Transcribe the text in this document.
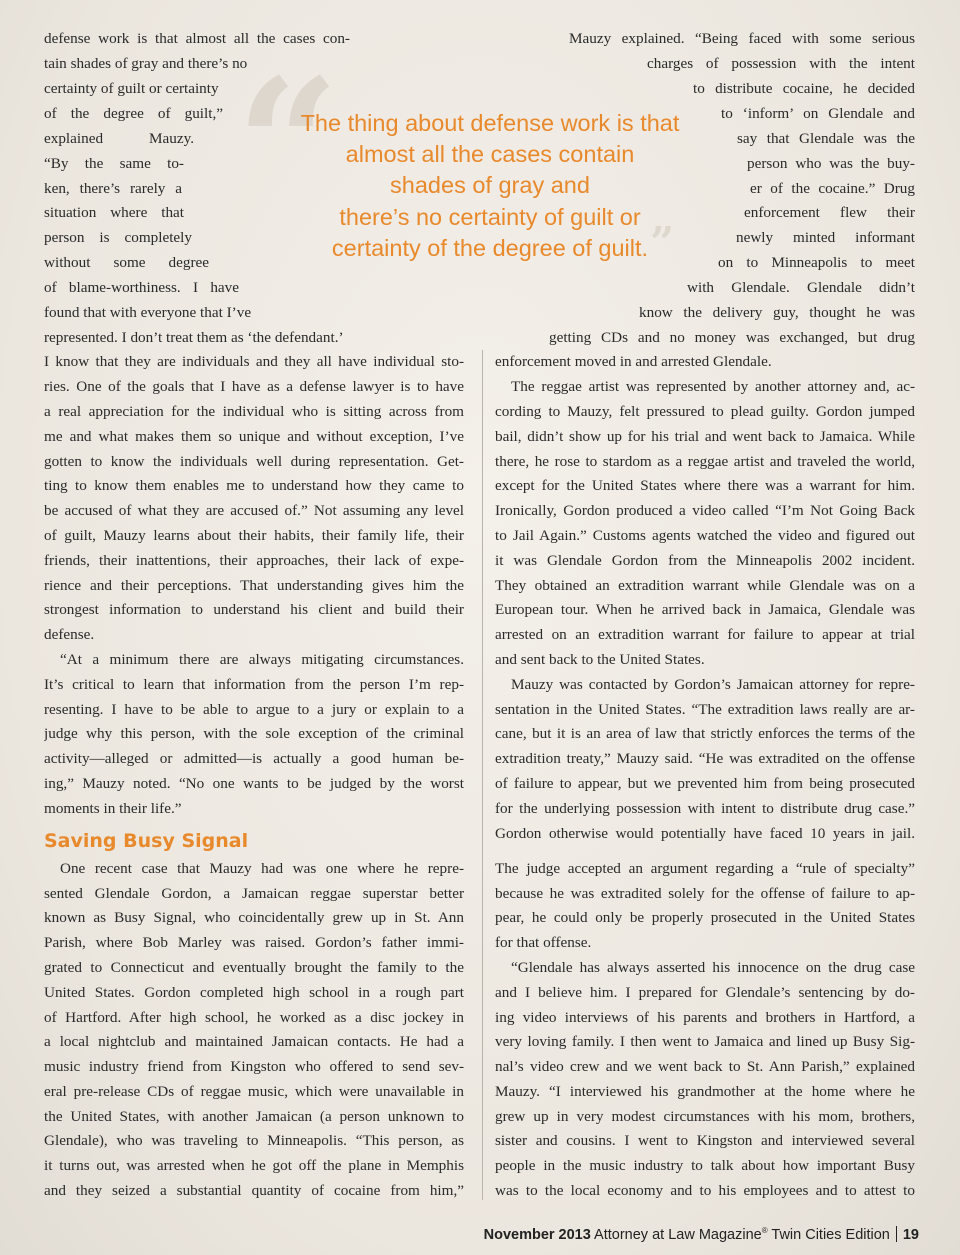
“
The thing about defense work is that
almost all the cases contain
shades of gray and
there’s no certainty of guilt or
certainty of the degree of guilt. ”

defense work is that almost all the cases con-

tain shades of gray and there’s no

certainty of guilt or certainty

of the degree of guilt,”

explained Mauzy.

“By the same to-

ken, there’s rarely a

situation where that

person is completely

without some degree

of blame-worthiness. I have

found that with everyone that I’ve

represented. I don’t treat them as ‘the defendant.’

I know that they are individuals and they all have individual sto-

ries. One of the goals that I have as a defense lawyer is to have

a real appreciation for the individual who is sitting across from

me and what makes them so unique and without exception, I’ve

gotten to know the individuals well during representation. Get-

ting to know them enables me to understand how they came to

be accused of what they are accused of.” Not assuming any level

of guilt, Mauzy learns about their habits, their family life, their

friends, their inattentions, their approaches, their lack of expe-

rience and their perceptions. That understanding gives him the

strongest information to understand his client and build their

defense.

“At a minimum there are always mitigating circumstances.

It’s critical to learn that information from the person I’m rep-

resenting. I have to be able to argue to a jury or explain to a

judge why this person, with the sole exception of the criminal

activity—alleged or admitted—is actually a good human be-

ing,” Mauzy noted. “No one wants to be judged by the worst

moments in their life.”

Saving Busy Signal

One recent case that Mauzy had was one where he repre-

sented Glendale Gordon, a Jamaican reggae superstar better

known as Busy Signal, who coincidentally grew up in St. Ann

Parish, where Bob Marley was raised. Gordon’s father immi-

grated to Connecticut and eventually brought the family to the

United States. Gordon completed high school in a rough part

of Hartford. After high school, he worked as a disc jockey in

a local nightclub and maintained Jamaican contacts. He had a

music industry friend from Kingston who offered to send sev-

eral pre-release CDs of reggae music, which were unavailable in

the United States, with another Jamaican (a person unknown to

Glendale), who was traveling to Minneapolis. “This person, as

it turns out, was arrested when he got off the plane in Memphis

and they seized a substantial quantity of cocaine from him,”

Mauzy explained. “Being faced with some serious

charges of possession with the intent

to distribute cocaine, he decided

to ‘inform’ on Glendale and

say that Glendale was the

person who was the buy-

er of the cocaine.” Drug

enforcement flew their

newly minted informant

on to Minneapolis to meet

with Glendale. Glendale didn’t

know the delivery guy, thought he was

getting CDs and no money was exchanged, but drug

enforcement moved in and arrested Glendale.

The reggae artist was represented by another attorney and, ac-

cording to Mauzy, felt pressured to plead guilty. Gordon jumped

bail, didn’t show up for his trial and went back to Jamaica. While

there, he rose to stardom as a reggae artist and traveled the world,

except for the United States where there was a warrant for him.

Ironically, Gordon produced a video called “I’m Not Going Back

to Jail Again.” Customs agents watched the video and figured out

it was Glendale Gordon from the Minneapolis 2002 incident.

They obtained an extradition warrant while Glendale was on a

European tour. When he arrived back in Jamaica, Glendale was

arrested on an extradition warrant for failure to appear at trial

and sent back to the United States.

Mauzy was contacted by Gordon’s Jamaican attorney for repre-

sentation in the United States. “The extradition laws really are ar-

cane, but it is an area of law that strictly enforces the terms of the

extradition treaty,” Mauzy said. “He was extradited on the offense

of failure to appear, but we prevented him from being prosecuted

for the underlying possession with intent to distribute drug case.”

Gordon otherwise would potentially have faced 10 years in jail.

The judge accepted an argument regarding a “rule of specialty”

because he was extradited solely for the offense of failure to ap-

pear, he could only be properly prosecuted in the United States

for that offense.

“Glendale has always asserted his innocence on the drug case

and I believe him. I prepared for Glendale’s sentencing by do-

ing video interviews of his parents and brothers in Hartford, a

very loving family. I then went to Jamaica and lined up Busy Sig-

nal’s video crew and we went back to St. Ann Parish,” explained

Mauzy. “I interviewed his grandmother at the home where he

grew up in very modest circumstances with his mom, brothers,

sister and cousins. I went to Kingston and interviewed several

people in the music industry to talk about how important Busy

was to the local economy and to his employees and to attest to

November 2013 Attorney at Law Magazine® Twin Cities Edition 19
